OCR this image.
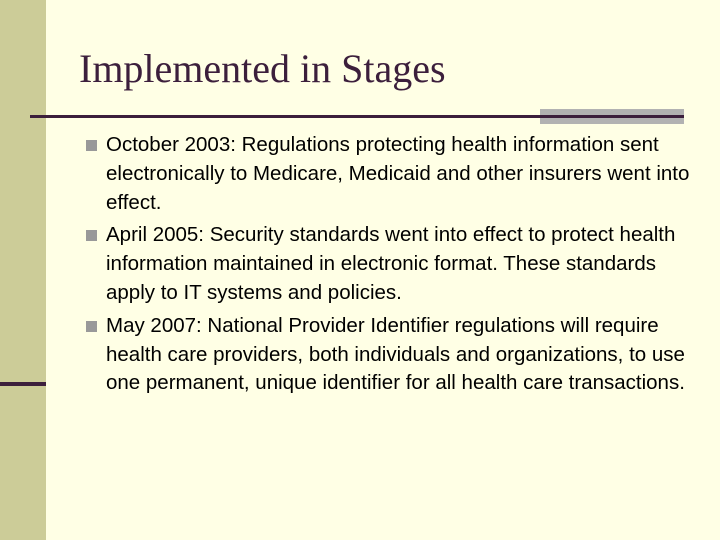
Implemented in Stages
October 2003: Regulations protecting health information sent electronically to Medicare, Medicaid and other insurers went into effect.
April 2005: Security standards went into effect to protect health information maintained in electronic format. These standards apply to IT systems and policies.
May 2007: National Provider Identifier regulations will require health care providers, both individuals and organizations, to use one permanent, unique identifier for all health care transactions.
